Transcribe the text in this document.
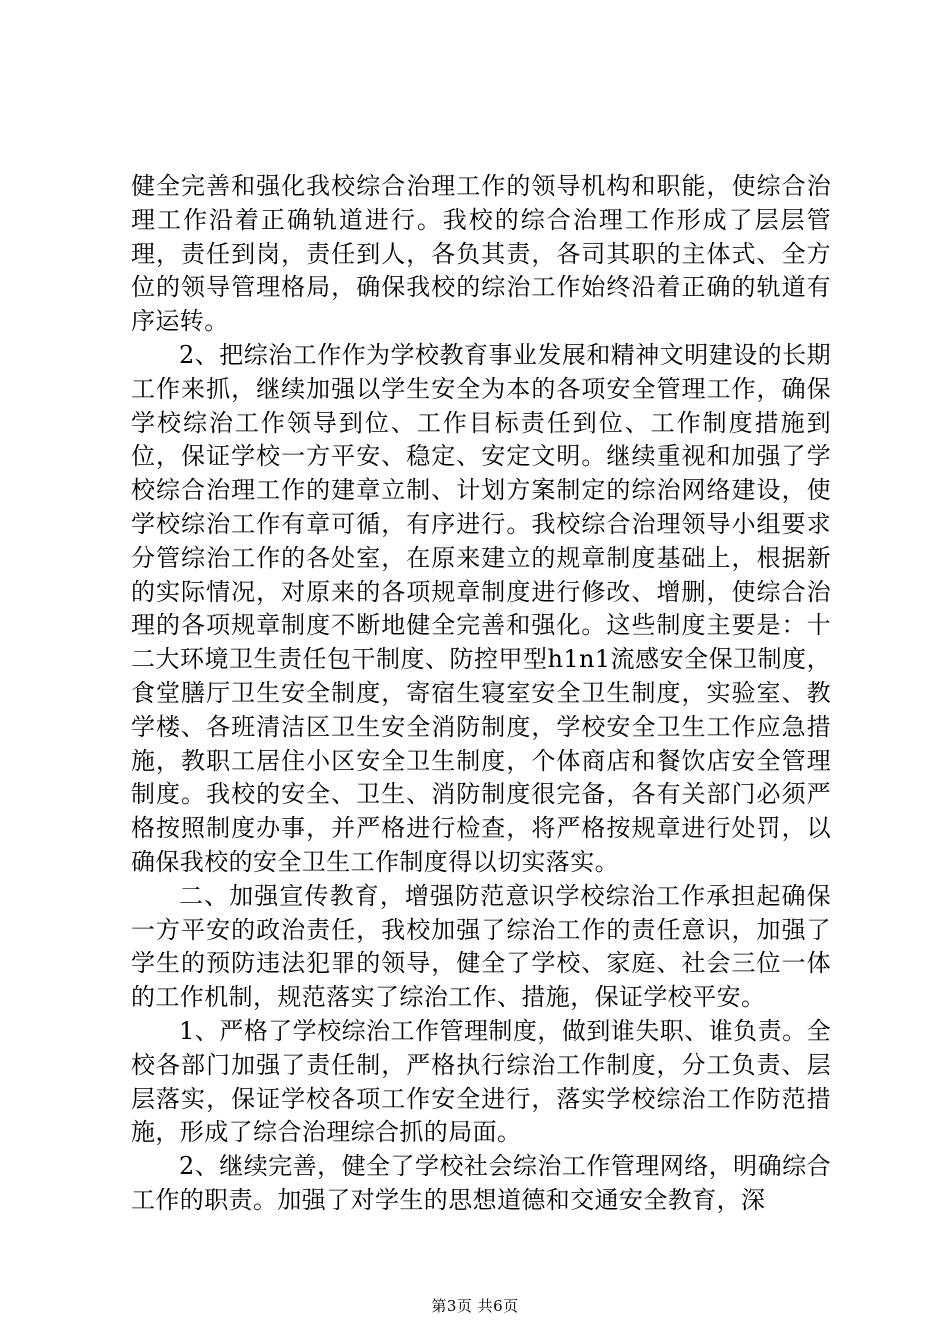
健全完善和强化我校综合治理工作的领导机构和职能，使综合治理工作沿着正确轨道进行。我校的综合治理工作形成了层层管理，责任到岗，责任到人，各负其责，各司其职的主体式、全方位的领导管理格局，确保我校的综治工作始终沿着正确的轨道有序运转。

2、把综治工作作为学校教育事业发展和精神文明建设的长期工作来抓，继续加强以学生安全为本的各项安全管理工作，确保学校综治工作领导到位、工作目标责任到位、工作制度措施到位，保证学校一方平安、稳定、安定文明。继续重视和加强了学校综合治理工作的建章立制、计划方案制定的综治网络建设，使学校综治工作有章可循，有序进行。我校综合治理领导小组要求分管综治工作的各处室，在原来建立的规章制度基础上，根据新的实际情况，对原来的各项规章制度进行修改、增删，使综合治理的各项规章制度不断地健全完善和强化。这些制度主要是：十二大环境卫生责任包干制度、防控甲型h1n1流感安全保卫制度，食堂膳厅卫生安全制度，寄宿生寝室安全卫生制度，实验室、教学楼、各班清洁区卫生安全消防制度，学校安全卫生工作应急措施，教职工居住小区安全卫生制度，个体商店和餐饮店安全管理制度。我校的安全、卫生、消防制度很完备，各有关部门必须严格按照制度办事，并严格进行检查，将严格按规章进行处罚，以确保我校的安全卫生工作制度得以切实落实。

二、加强宣传教育，增强防范意识学校综治工作承担起确保一方平安的政治责任，我校加强了综治工作的责任意识，加强了学生的预防违法犯罪的领导，健全了学校、家庭、社会三位一体的工作机制，规范落实了综治工作、措施，保证学校平安。

1、严格了学校综治工作管理制度，做到谁失职、谁负责。全校各部门加强了责任制，严格执行综治工作制度，分工负责、层层落实，保证学校各项工作安全进行，落实学校综治工作防范措施，形成了综合治理综合抓的局面。

2、继续完善，健全了学校社会综治工作管理网络，明确综合工作的职责。加强了对学生的思想道德和交通安全教育，深

第3页 共6页
